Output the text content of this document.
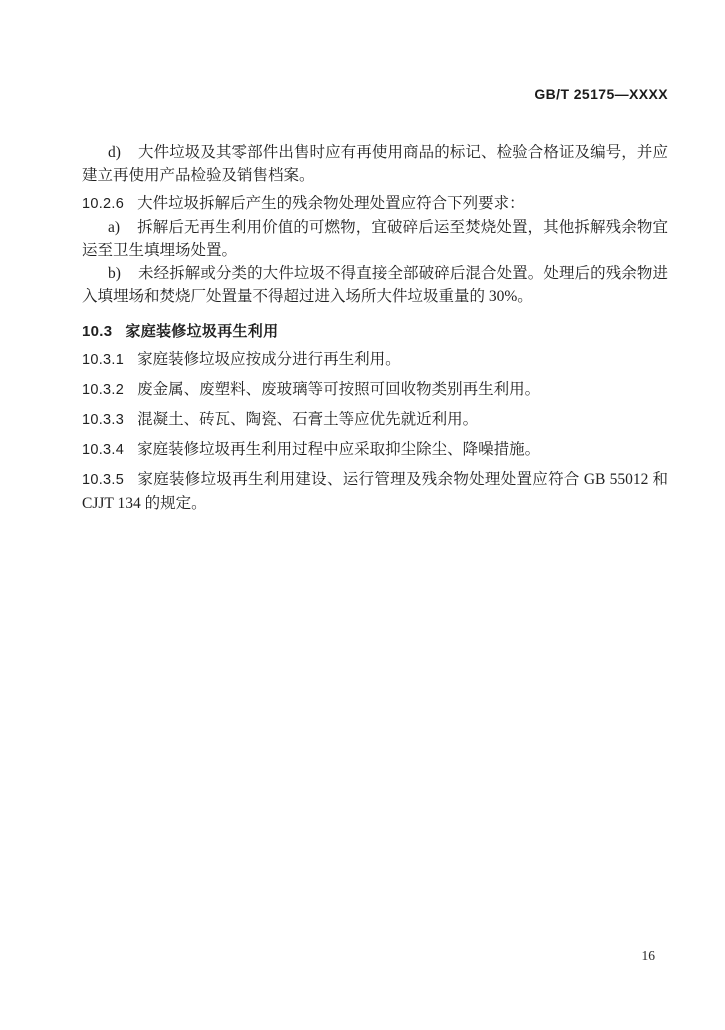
GB/T 25175—XXXX

d) 大件垃圾及其零部件出售时应有再使用商品的标记、检验合格证及编号，并应建立再使用产品检验及销售档案。

10.2.6 大件垃圾拆解后产生的残余物处理处置应符合下列要求：

a) 拆解后无再生利用价值的可燃物，宜破碎后运至焚烧处置，其他拆解残余物宜运至卫生填埋场处置。

b) 未经拆解或分类的大件垃圾不得直接全部破碎后混合处置。处理后的残余物进入填埋场和焚烧厂处置量不得超过进入场所大件垃圾重量的 30%。

10.3 家庭装修垃圾再生利用

10.3.1 家庭装修垃圾应按成分进行再生利用。

10.3.2 废金属、废塑料、废玻璃等可按照可回收物类别再生利用。

10.3.3 混凝土、砖瓦、陶瓷、石膏土等应优先就近利用。

10.3.4 家庭装修垃圾再生利用过程中应采取抑尘除尘、降噪措施。

10.3.5 家庭装修垃圾再生利用建设、运行管理及残余物处理处置应符合 GB 55012 和 CJJT 134 的规定。

16
